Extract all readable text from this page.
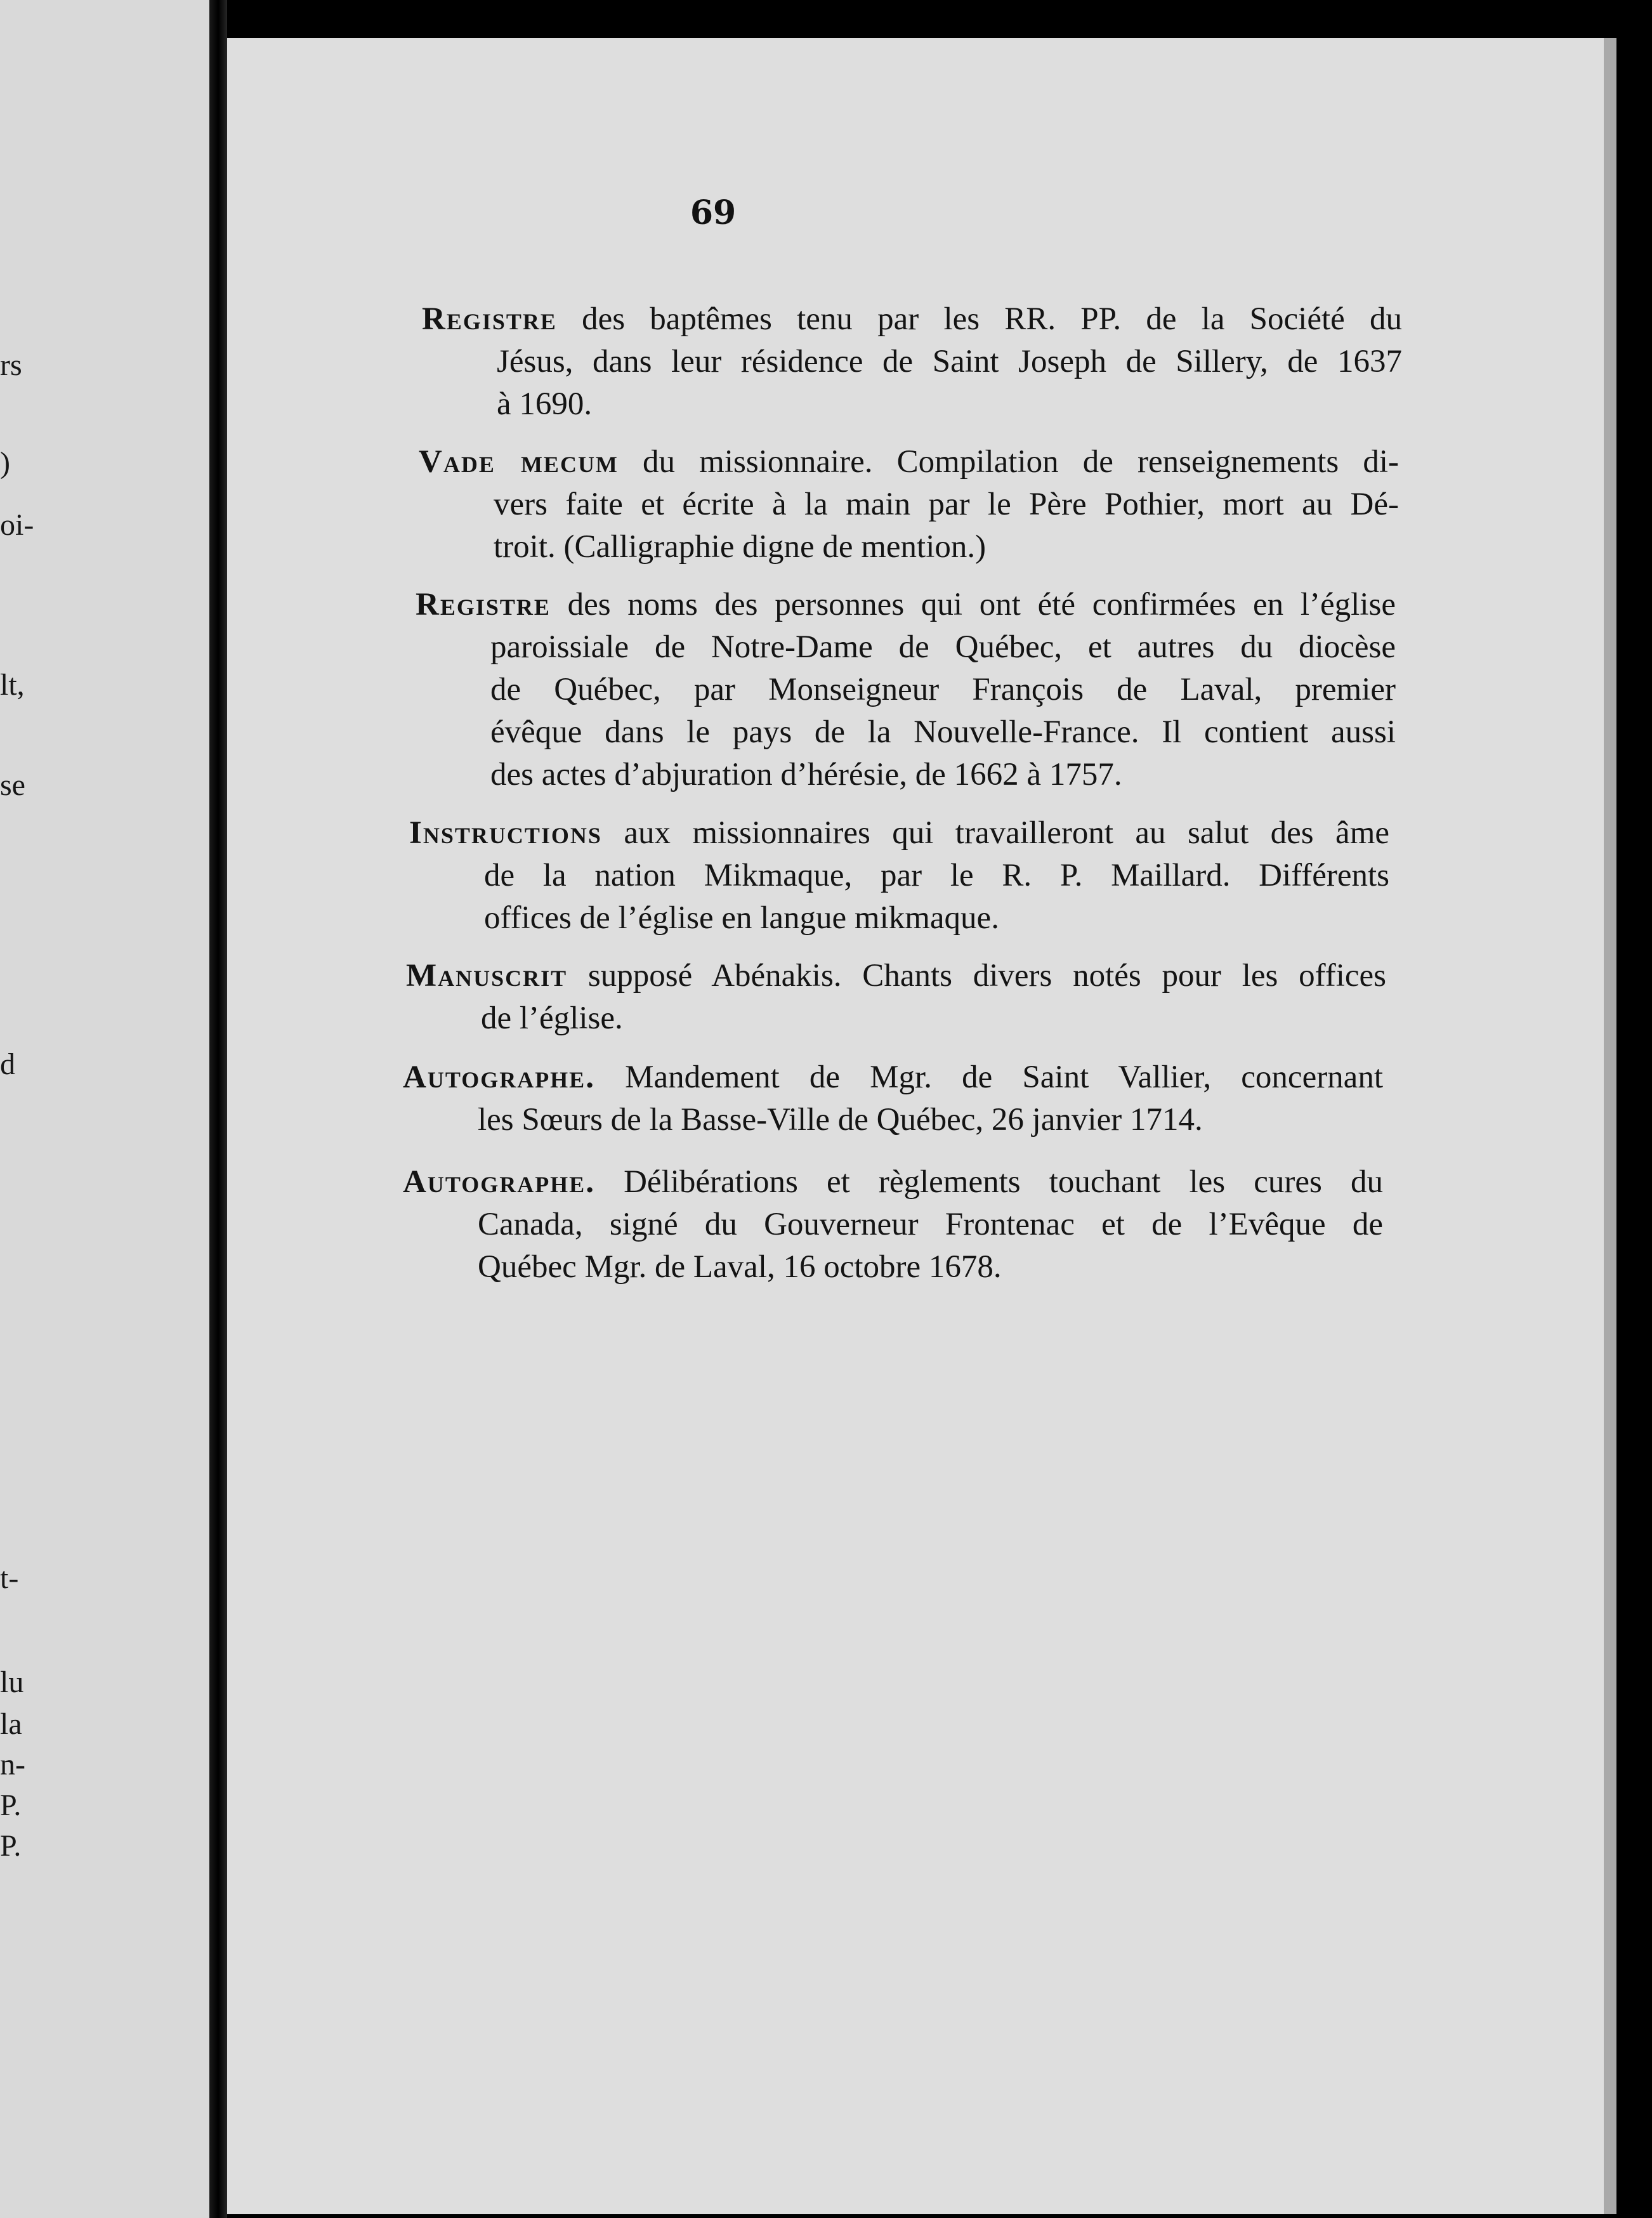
rs
)
oi-
lt,
se
d
t-
lu
la
n-
P.
P.
69
Registre des baptêmes tenu par les RR. PP. de la Société du
Jésus, dans leur résidence de Saint Joseph de Sillery, de 1637
à 1690.
Vade mecum du missionnaire. Compilation de renseignements di-
vers faite et écrite à la main par le Père Pothier, mort au Dé-
troit. (Calligraphie digne de mention.)
Registre des noms des personnes qui ont été confirmées en l’église
paroissiale de Notre-Dame de Québec, et autres du diocèse
de Québec, par Monseigneur François de Laval, premier
évêque dans le pays de la Nouvelle-France. Il contient aussi
des actes d’abjuration d’hérésie, de 1662 à 1757.
Instructions aux missionnaires qui travailleront au salut des âme
de la nation Mikmaque, par le R. P. Maillard. Différents
offices de l’église en langue mikmaque.
Manuscrit supposé Abénakis. Chants divers notés pour les offices
de l’église.
Autographe. Mandement de Mgr. de Saint Vallier, concernant
les Sœurs de la Basse-Ville de Québec, 26 janvier 1714.
Autographe. Délibérations et règlements touchant les cures du
Canada, signé du Gouverneur Frontenac et de l’Evêque de
Québec Mgr. de Laval, 16 octobre 1678.
